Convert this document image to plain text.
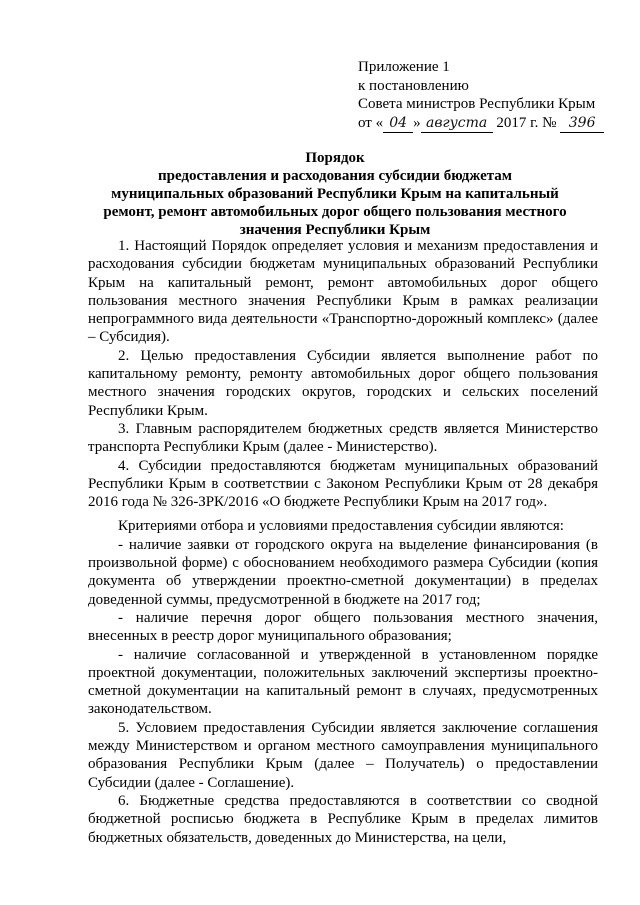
Приложение 1
к постановлению
Совета министров Республики Крым
от « 04 » августа 2017 г. № 396
Порядок
предоставления и расходования субсидии бюджетам муниципальных образований Республики Крым на капитальный ремонт, ремонт автомобильных дорог общего пользования местного значения Республики Крым

1. Настоящий Порядок определяет условия и механизм предоставления и расходования субсидии бюджетам муниципальных образований Республики Крым на капитальный ремонт, ремонт автомобильных дорог общего пользования местного значения Республики Крым в рамках реализации непрограммного вида деятельности «Транспортно-дорожный комплекс» (далее – Субсидия).

2. Целью предоставления Субсидии является выполнение работ по капитальному ремонту, ремонту автомобильных дорог общего пользования местного значения городских округов, городских и сельских поселений Республики Крым.

3. Главным распорядителем бюджетных средств является Министерство транспорта Республики Крым (далее - Министерство).

4. Субсидии предоставляются бюджетам муниципальных образований Республики Крым в соответствии с Законом Республики Крым от 28 декабря 2016 года № 326-ЗРК/2016 «О бюджете Республики Крым на 2017 год».

Критериями отбора и условиями предоставления субсидии являются:

- наличие заявки от городского округа на выделение финансирования (в произвольной форме) с обоснованием необходимого размера Субсидии (копия документа об утверждении проектно-сметной документации) в пределах доведенной суммы, предусмотренной в бюджете на 2017 год;

- наличие перечня дорог общего пользования местного значения, внесенных в реестр дорог муниципального образования;

- наличие согласованной и утвержденной в установленном порядке проектной документации, положительных заключений экспертизы проектно-сметной документации на капитальный ремонт в случаях, предусмотренных законодательством.

5. Условием предоставления Субсидии является заключение соглашения между Министерством и органом местного самоуправления муниципального образования Республики Крым (далее – Получатель) о предоставлении Субсидии (далее - Соглашение).

6. Бюджетные средства предоставляются в соответствии со сводной бюджетной росписью бюджета в Республике Крым в пределах лимитов бюджетных обязательств, доведенных до Министерства, на цели,
